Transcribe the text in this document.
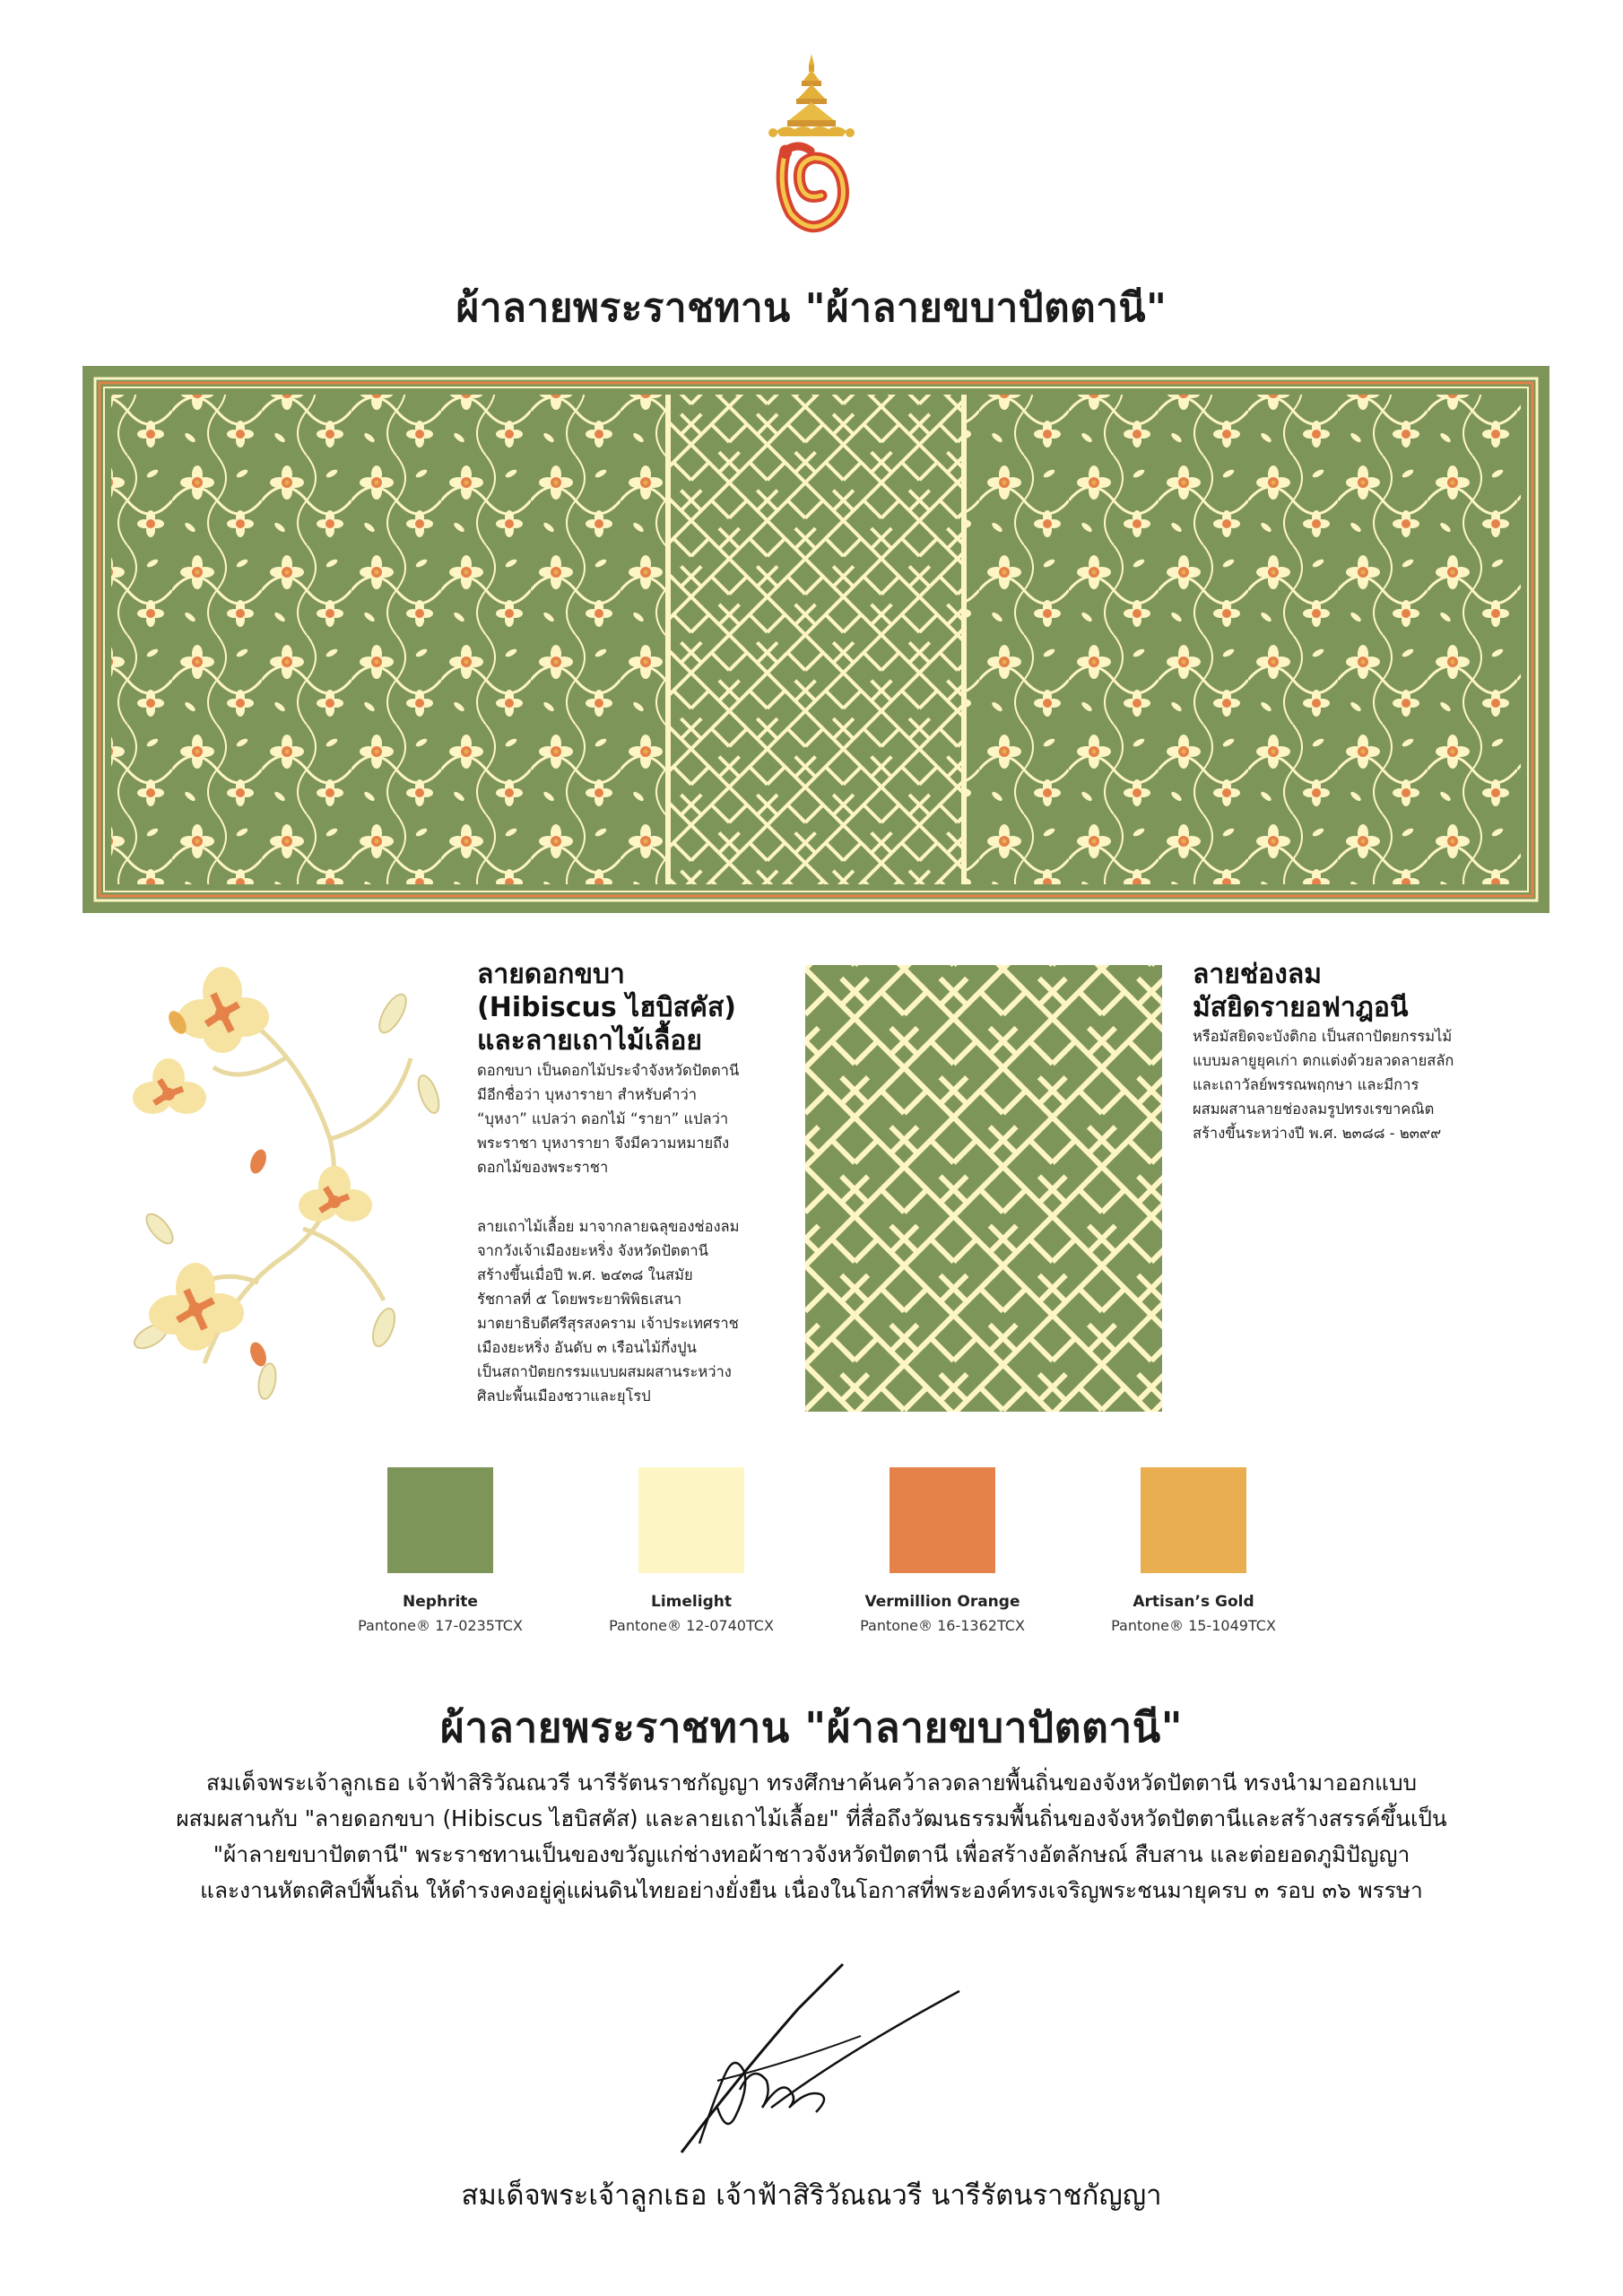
ผ้าลายพระราชทาน "ผ้าลายขบาปัตตานี"
ลายดอกขบา
(Hibiscus ไฮบิสคัส)
และลายเถาไม้เลื้อย
ดอกขบา เป็นดอกไม้ประจำจังหวัดปัตตานี
มีอีกชื่อว่า บุหงารายา สำหรับคำว่า
“บุหงา” แปลว่า ดอกไม้ “รายา” แปลว่า
พระราชา บุหงารายา จึงมีความหมายถึง
ดอกไม้ของพระราชา
ลายเถาไม้เลื้อย มาจากลายฉลุของช่องลม
จากวังเจ้าเมืองยะหริ่ง จังหวัดปัตตานี
สร้างขึ้นเมื่อปี พ.ศ. ๒๔๓๘ ในสมัย
รัชกาลที่ ๕ โดยพระยาพิพิธเสนา
มาตยาธิบดีศรีสุรสงคราม เจ้าประเทศราช
เมืองยะหริ่ง อันดับ ๓ เรือนไม้กึ่งปูน
เป็นสถาปัตยกรรมแบบผสมผสานระหว่าง
ศิลปะพื้นเมืองชวาและยุโรป
ลายช่องลม
มัสยิดรายอฟาฎอนี
หรือมัสยิดจะบังติกอ เป็นสถาปัตยกรรมไม้
แบบมลายูยุคเก่า ตกแต่งด้วยลวดลายสลัก
และเถาวัลย์พรรณพฤกษา และมีการ
ผสมผสานลายช่องลมรูปทรงเรขาคณิต
สร้างขึ้นระหว่างปี พ.ศ. ๒๓๘๘ - ๒๓๙๙
Nephrite
Pantone® 17-0235TCX
Limelight
Pantone® 12-0740TCX
Vermillion Orange
Pantone® 16-1362TCX
Artisan’s Gold
Pantone® 15-1049TCX
ผ้าลายพระราชทาน "ผ้าลายขบาปัตตานี"
สมเด็จพระเจ้าลูกเธอ เจ้าฟ้าสิริวัณณวรี นารีรัตนราชกัญญา ทรงศึกษาค้นคว้าลวดลายพื้นถิ่นของจังหวัดปัตตานี ทรงนำมาออกแบบ
ผสมผสานกับ "ลายดอกขบา (Hibiscus ไฮบิสคัส) และลายเถาไม้เลื้อย" ที่สื่อถึงวัฒนธรรมพื้นถิ่นของจังหวัดปัตตานีและสร้างสรรค์ขึ้นเป็น
"ผ้าลายขบาปัตตานี" พระราชทานเป็นของขวัญแก่ช่างทอผ้าชาวจังหวัดปัตตานี เพื่อสร้างอัตลักษณ์ สืบสาน และต่อยอดภูมิปัญญา
และงานหัตถศิลป์พื้นถิ่น ให้ดำรงคงอยู่คู่แผ่นดินไทยอย่างยั่งยืน เนื่องในโอกาสที่พระองค์ทรงเจริญพระชนมายุครบ ๓ รอบ ๓๖ พรรษา
สมเด็จพระเจ้าลูกเธอ เจ้าฟ้าสิริวัณณวรี นารีรัตนราชกัญญา
